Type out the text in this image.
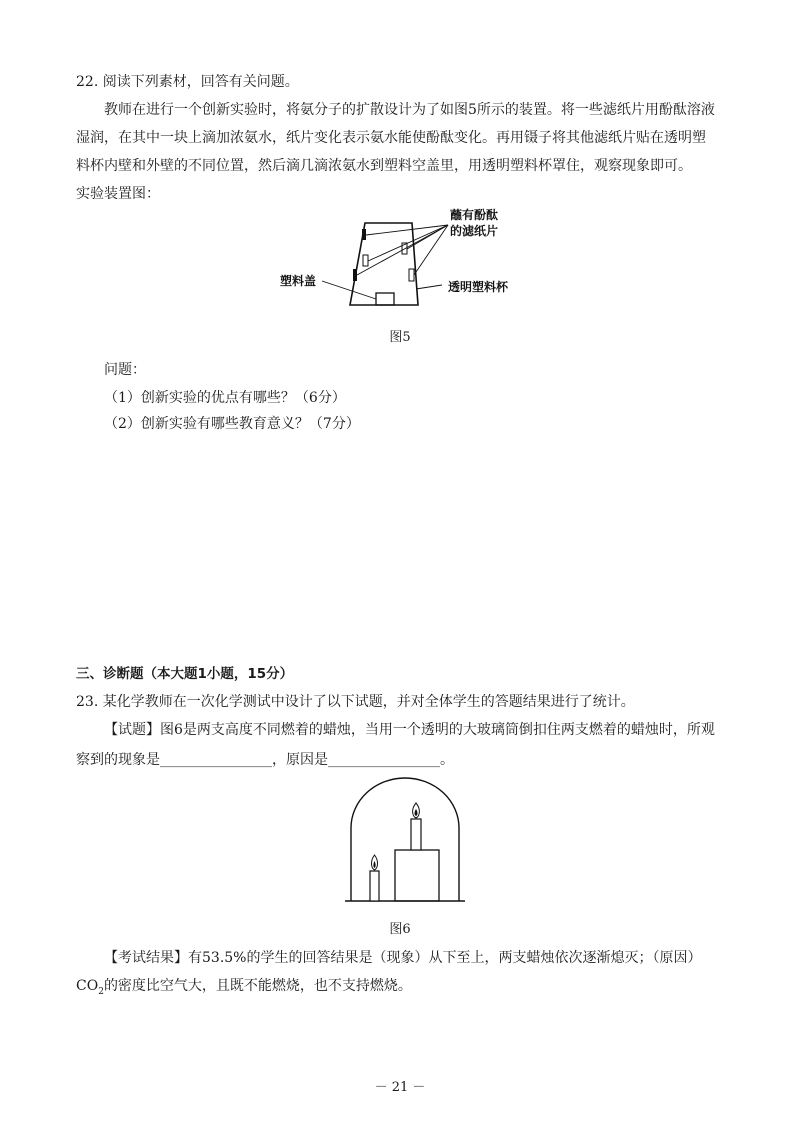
22. 阅读下列素材，回答有关问题。
教师在进行一个创新实验时，将氨分子的扩散设计为了如图5所示的装置。将一些滤纸片用酚酞溶液
湿润，在其中一块上滴加浓氨水，纸片变化表示氨水能使酚酞变化。再用镊子将其他滤纸片贴在透明塑
料杯内壁和外壁的不同位置，然后滴几滴浓氨水到塑料空盖里，用透明塑料杯罩住，观察现象即可。
实验装置图：
蘸有酚酞
的滤纸片
塑料盖	透明塑料杯
图5
问题：
（1）创新实验的优点有哪些？（6分）
（2）创新实验有哪些教育意义？（7分）
三、诊断题（本大题1小题，15分）
23. 某化学教师在一次化学测试中设计了以下试题，并对全体学生的答题结果进行了统计。
【试题】图6是两支高度不同燃着的蜡烛，当用一个透明的大玻璃筒倒扣住两支燃着的蜡烛时，所观
察到的现象是________________，原因是________________。
图6
【考试结果】有53.5%的学生的回答结果是（现象）从下至上，两支蜡烛依次逐渐熄灭；（原因）
$CO_2$的密度比空气大，且既不能燃烧，也不支持燃烧。
－ 21 －
